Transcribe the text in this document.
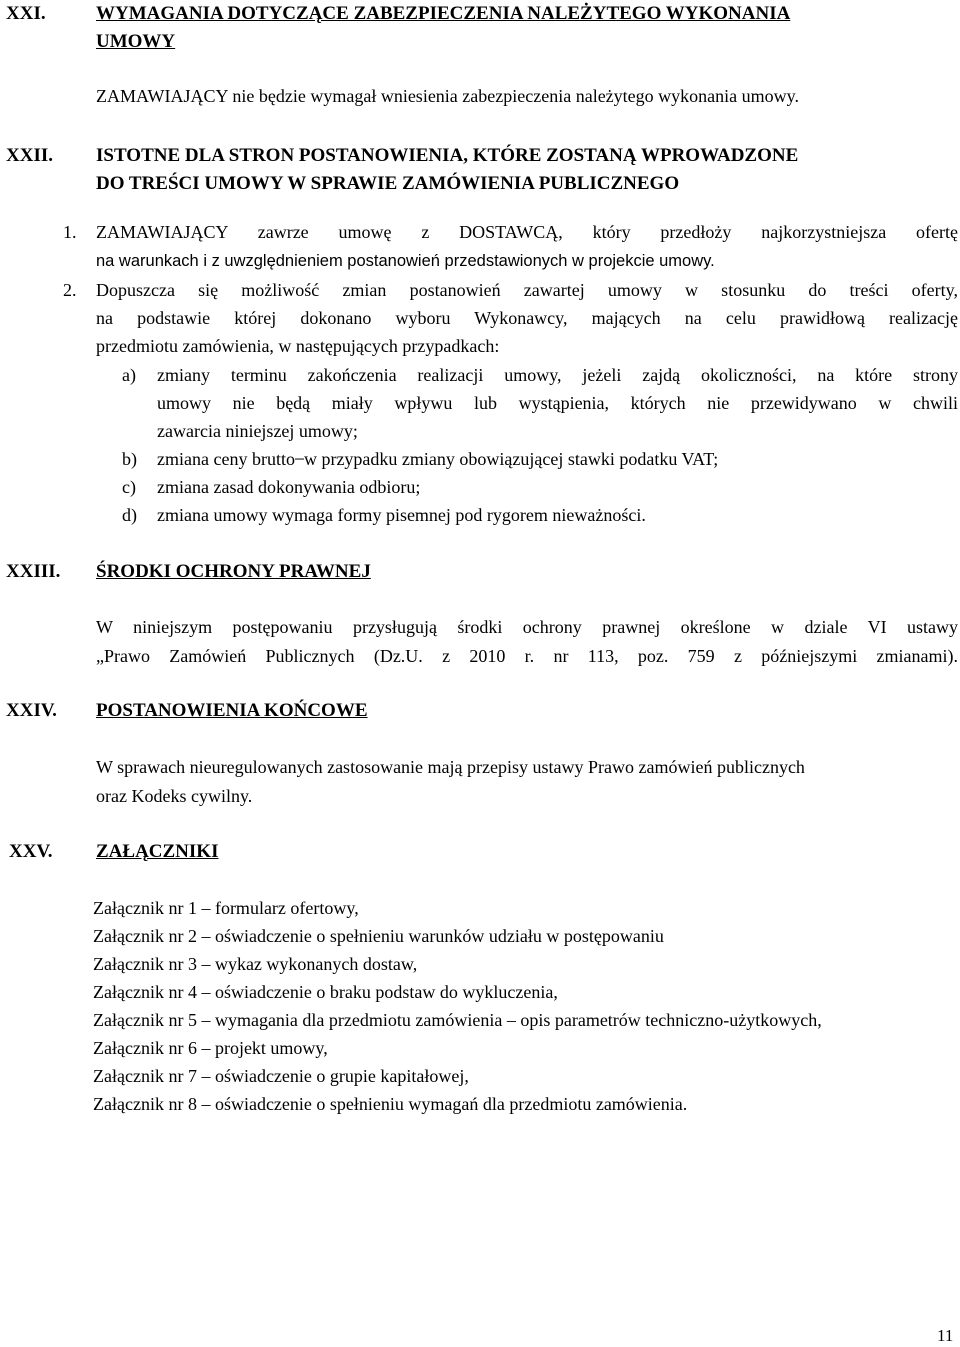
XXI.	WYMAGANIA DOTYCZĄCE ZABEZPIECZENIA NALEŻYTEGO WYKONANIA
UMOWY
ZAMAWIAJĄCY nie będzie wymagał wniesienia zabezpieczenia należytego wykonania umowy.
XXII. ISTOTNE DLA STRON POSTANOWIENIA, KTÓRE ZOSTANĄ WPROWADZONE
DO TREŚCI UMOWY W SPRAWIE ZAMÓWIENIA PUBLICZNEGO
1. ZAMAWIAJĄCY zawrze umowę z DOSTAWCĄ, który przedłoży najkorzystniejsza ofertę
na warunkach i z uwzględnieniem postanowień przedstawionych w projekcie umowy.
2. Dopuszcza się możliwość zmian postanowień zawartej umowy w stosunku do treści oferty,
na podstawie której dokonano wyboru Wykonawcy, mających na celu prawidłową realizację
przedmiotu zamówienia, w następujących przypadkach:
a) zmiany terminu zakończenia realizacji umowy, jeżeli zajdą okoliczności, na które strony
umowy nie będą miały wpływu lub wystąpienia, których nie przewidywano w chwili
zawarcia niniejszej umowy;
b) zmiana ceny brutto ̶ w przypadku zmiany obowiązującej stawki podatku VAT;
c) zmiana zasad dokonywania odbioru;
d) zmiana umowy wymaga formy pisemnej pod rygorem nieważności.
XXIII. ŚRODKI OCHRONY PRAWNEJ
W niniejszym postępowaniu przysługują środki ochrony prawnej określone w dziale VI ustawy
„Prawo Zamówień Publicznych (Dz.U. z 2010 r. nr 113, poz. 759 z późniejszymi zmianami).
XXIV. POSTANOWIENIA KOŃCOWE
W sprawach nieuregulowanych zastosowanie mają przepisy ustawy Prawo zamówień publicznych
oraz Kodeks cywilny.
XXV. ZAŁĄCZNIKI
Załącznik nr 1 – formularz ofertowy,
Załącznik nr 2 – oświadczenie o spełnieniu warunków udziału w postępowaniu
Załącznik nr 3 – wykaz wykonanych dostaw,
Załącznik nr 4 – oświadczenie o braku podstaw do wykluczenia,
Załącznik nr 5 – wymagania dla przedmiotu zamówienia – opis parametrów techniczno-użytkowych,
Załącznik nr 6 – projekt umowy,
Załącznik nr 7 – oświadczenie o grupie kapitałowej,
Załącznik nr 8 – oświadczenie o spełnieniu wymagań dla przedmiotu zamówienia.
11
